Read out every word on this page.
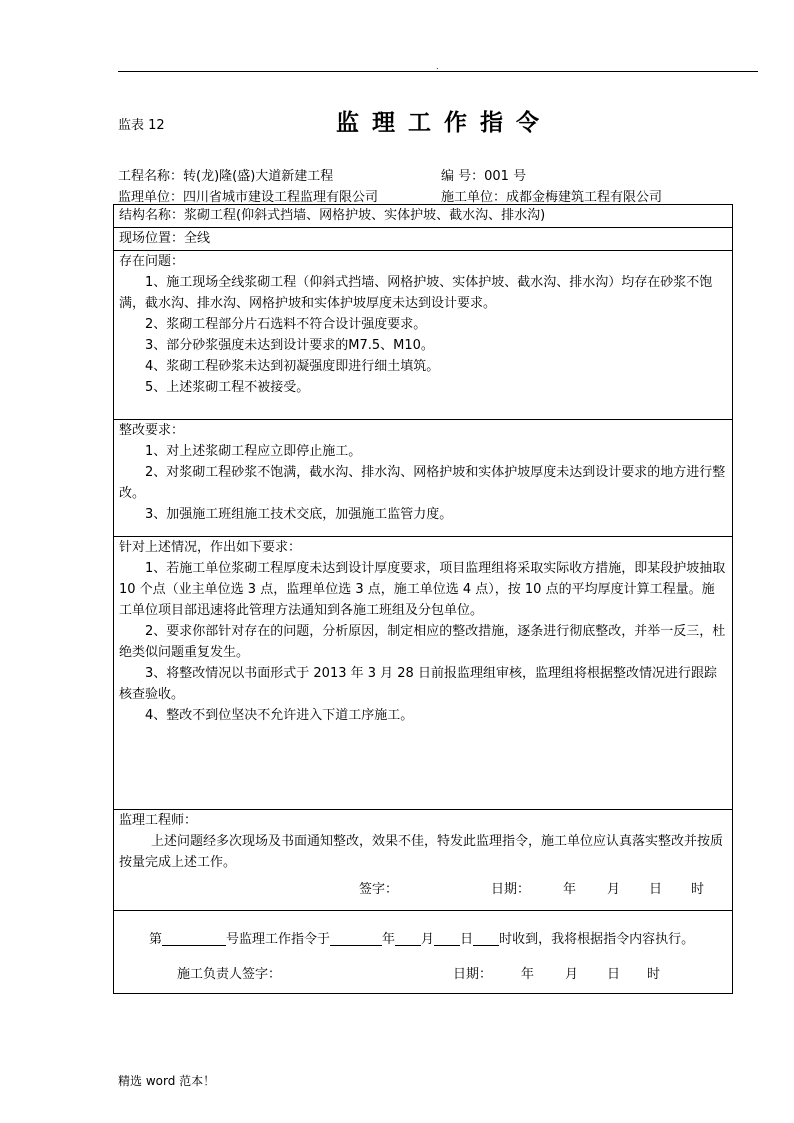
.
监表 12	监理工作指令
工程名称：转(龙)隆(盛)大道新建工程	编 号：001 号
监理单位：四川省城市建设工程监理有限公司	施工单位：成都金梅建筑工程有限公司
结构名称：浆砌工程(仰斜式挡墙、网格护坡、实体护坡、截水沟、排水沟)
现场位置：全线

存在问题：
1、施工现场全线浆砌工程（仰斜式挡墙、网格护坡、实体护坡、截水沟、排水沟）均存在砂浆不饱满，截水沟、排水沟、网格护坡和实体护坡厚度未达到设计要求。
2、浆砌工程部分片石选料不符合设计强度要求。
3、部分砂浆强度未达到设计要求的M7.5、M10。
4、浆砌工程砂浆未达到初凝强度即进行细土填筑。
5、上述浆砌工程不被接受。

整改要求：
1、对上述浆砌工程应立即停止施工。
2、对浆砌工程砂浆不饱满，截水沟、排水沟、网格护坡和实体护坡厚度未达到设计要求的地方进行整改。
3、加强施工班组施工技术交底，加强施工监管力度。

针对上述情况，作出如下要求：
1、若施工单位浆砌工程厚度未达到设计厚度要求，项目监理组将采取实际收方措施，即某段护坡抽取 10 个点（业主单位选 3 点，监理单位选 3 点，施工单位选 4 点），按 10 点的平均厚度计算工程量。施工单位项目部迅速将此管理方法通知到各施工班组及分包单位。
2、要求你部针对存在的问题，分析原因，制定相应的整改措施，逐条进行彻底整改，并举一反三，杜绝类似问题重复发生。
3、将整改情况以书面形式于 2013 年 3 月 28 日前报监理组审核，监理组将根据整改情况进行跟踪核查验收。
4、整改不到位坚决不允许进入下道工序施工。

监理工程师：
上述问题经多次现场及书面通知整改，效果不佳，特发此监理指令，施工单位应认真落实整改并按质按量完成上述工作。
签字：	日期：	年 月 日 时

第	号监理工作指令于	年 月 日 时收到，我将根据指令内容执行。
施工负责人签字：	日期： 年 月 日 时
精选 word 范本！
